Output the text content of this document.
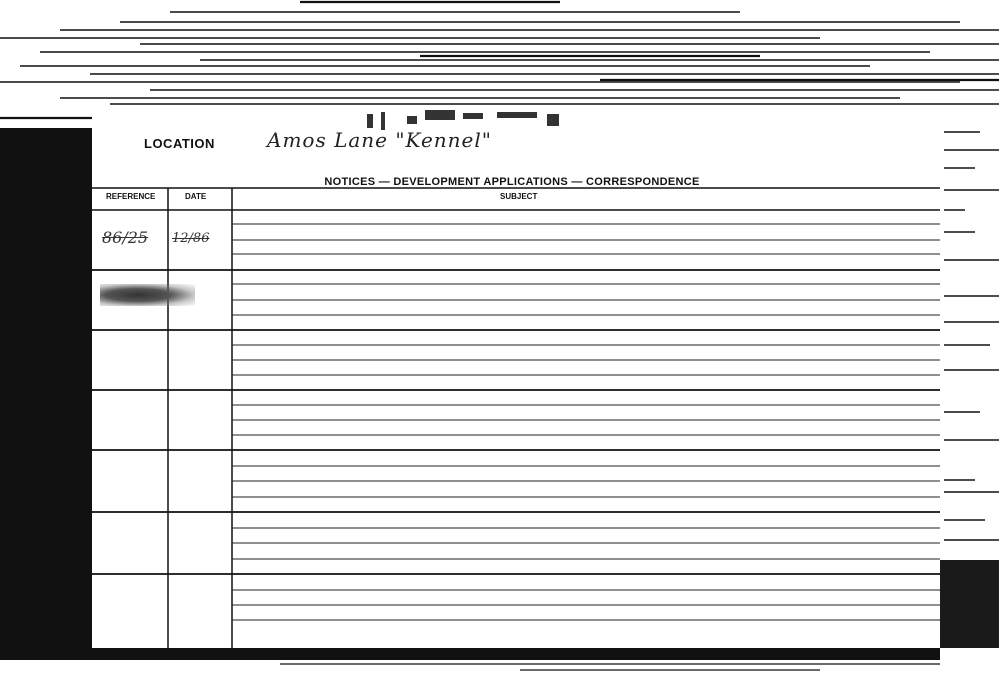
LOCATION	Amos Lane "Kennel"
NOTICES — DEVELOPMENT APPLICATIONS — CORRESPONDENCE
REFERENCE	DATE	SUBJECT
86/25 12/86
